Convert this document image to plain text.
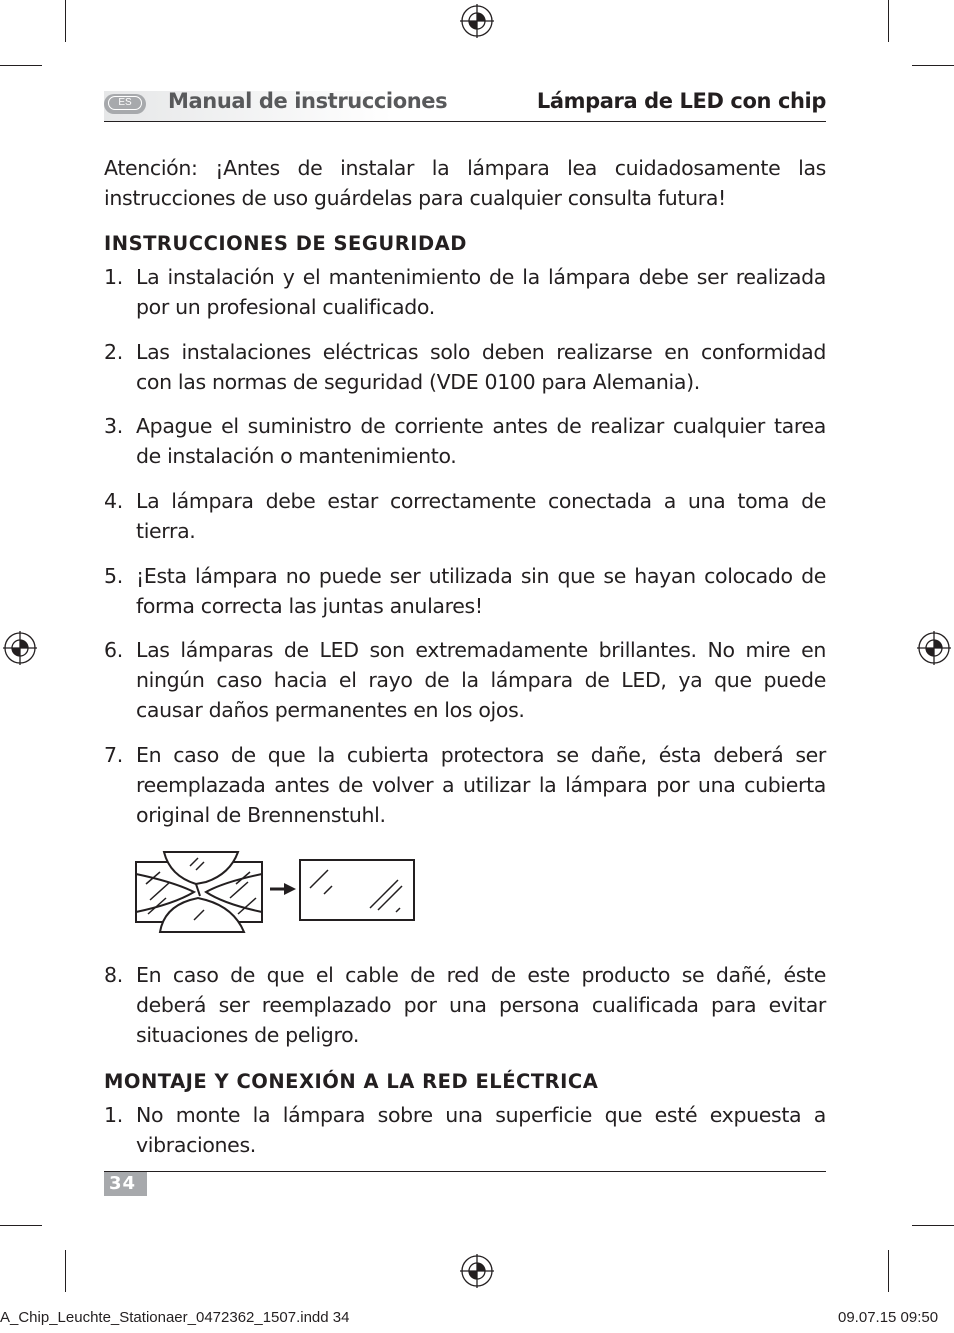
ES	Manual de instrucciones	Lámpara de LED con chip
Atención: ¡Antes de instalar la lámpara lea cuidadosamente las instrucciones de uso guárdelas para cualquier consulta futura!
INSTRUCCIONES DE SEGURIDAD
1. La instalación y el mantenimiento de la lámpara debe ser realizada por un profesional cualificado.
2. Las instalaciones eléctricas solo deben realizarse en conformidad con las normas de seguridad (VDE 0100 para Alemania).
3. Apague el suministro de corriente antes de realizar cualquier tarea de instalación o mantenimiento.
4. La lámpara debe estar correctamente conectada a una toma de tierra.
5. ¡Esta lámpara no puede ser utilizada sin que se hayan colocado de forma correcta las juntas anulares!
6. Las lámparas de LED son extremadamente brillantes. No mire en ningún caso hacia el rayo de la lámpara de LED, ya que puede causar daños permanentes en los ojos.
7. En caso de que la cubierta protectora se dañe, ésta deberá ser reemplazada antes de volver a utilizar la lámpara por una cubierta original de Brennenstuhl.
8. En caso de que el cable de red de este producto se dañé, éste deberá ser reemplazado por una persona cualificada para evitar situaciones de peligro.
MONTAJE Y CONEXIÓN A LA RED ELÉCTRICA
1. No monte la lámpara sobre una superficie que esté expuesta a vibraciones.
34
A_Chip_Leuchte_Stationaer_0472362_1507.indd 34	09.07.15 09:50
